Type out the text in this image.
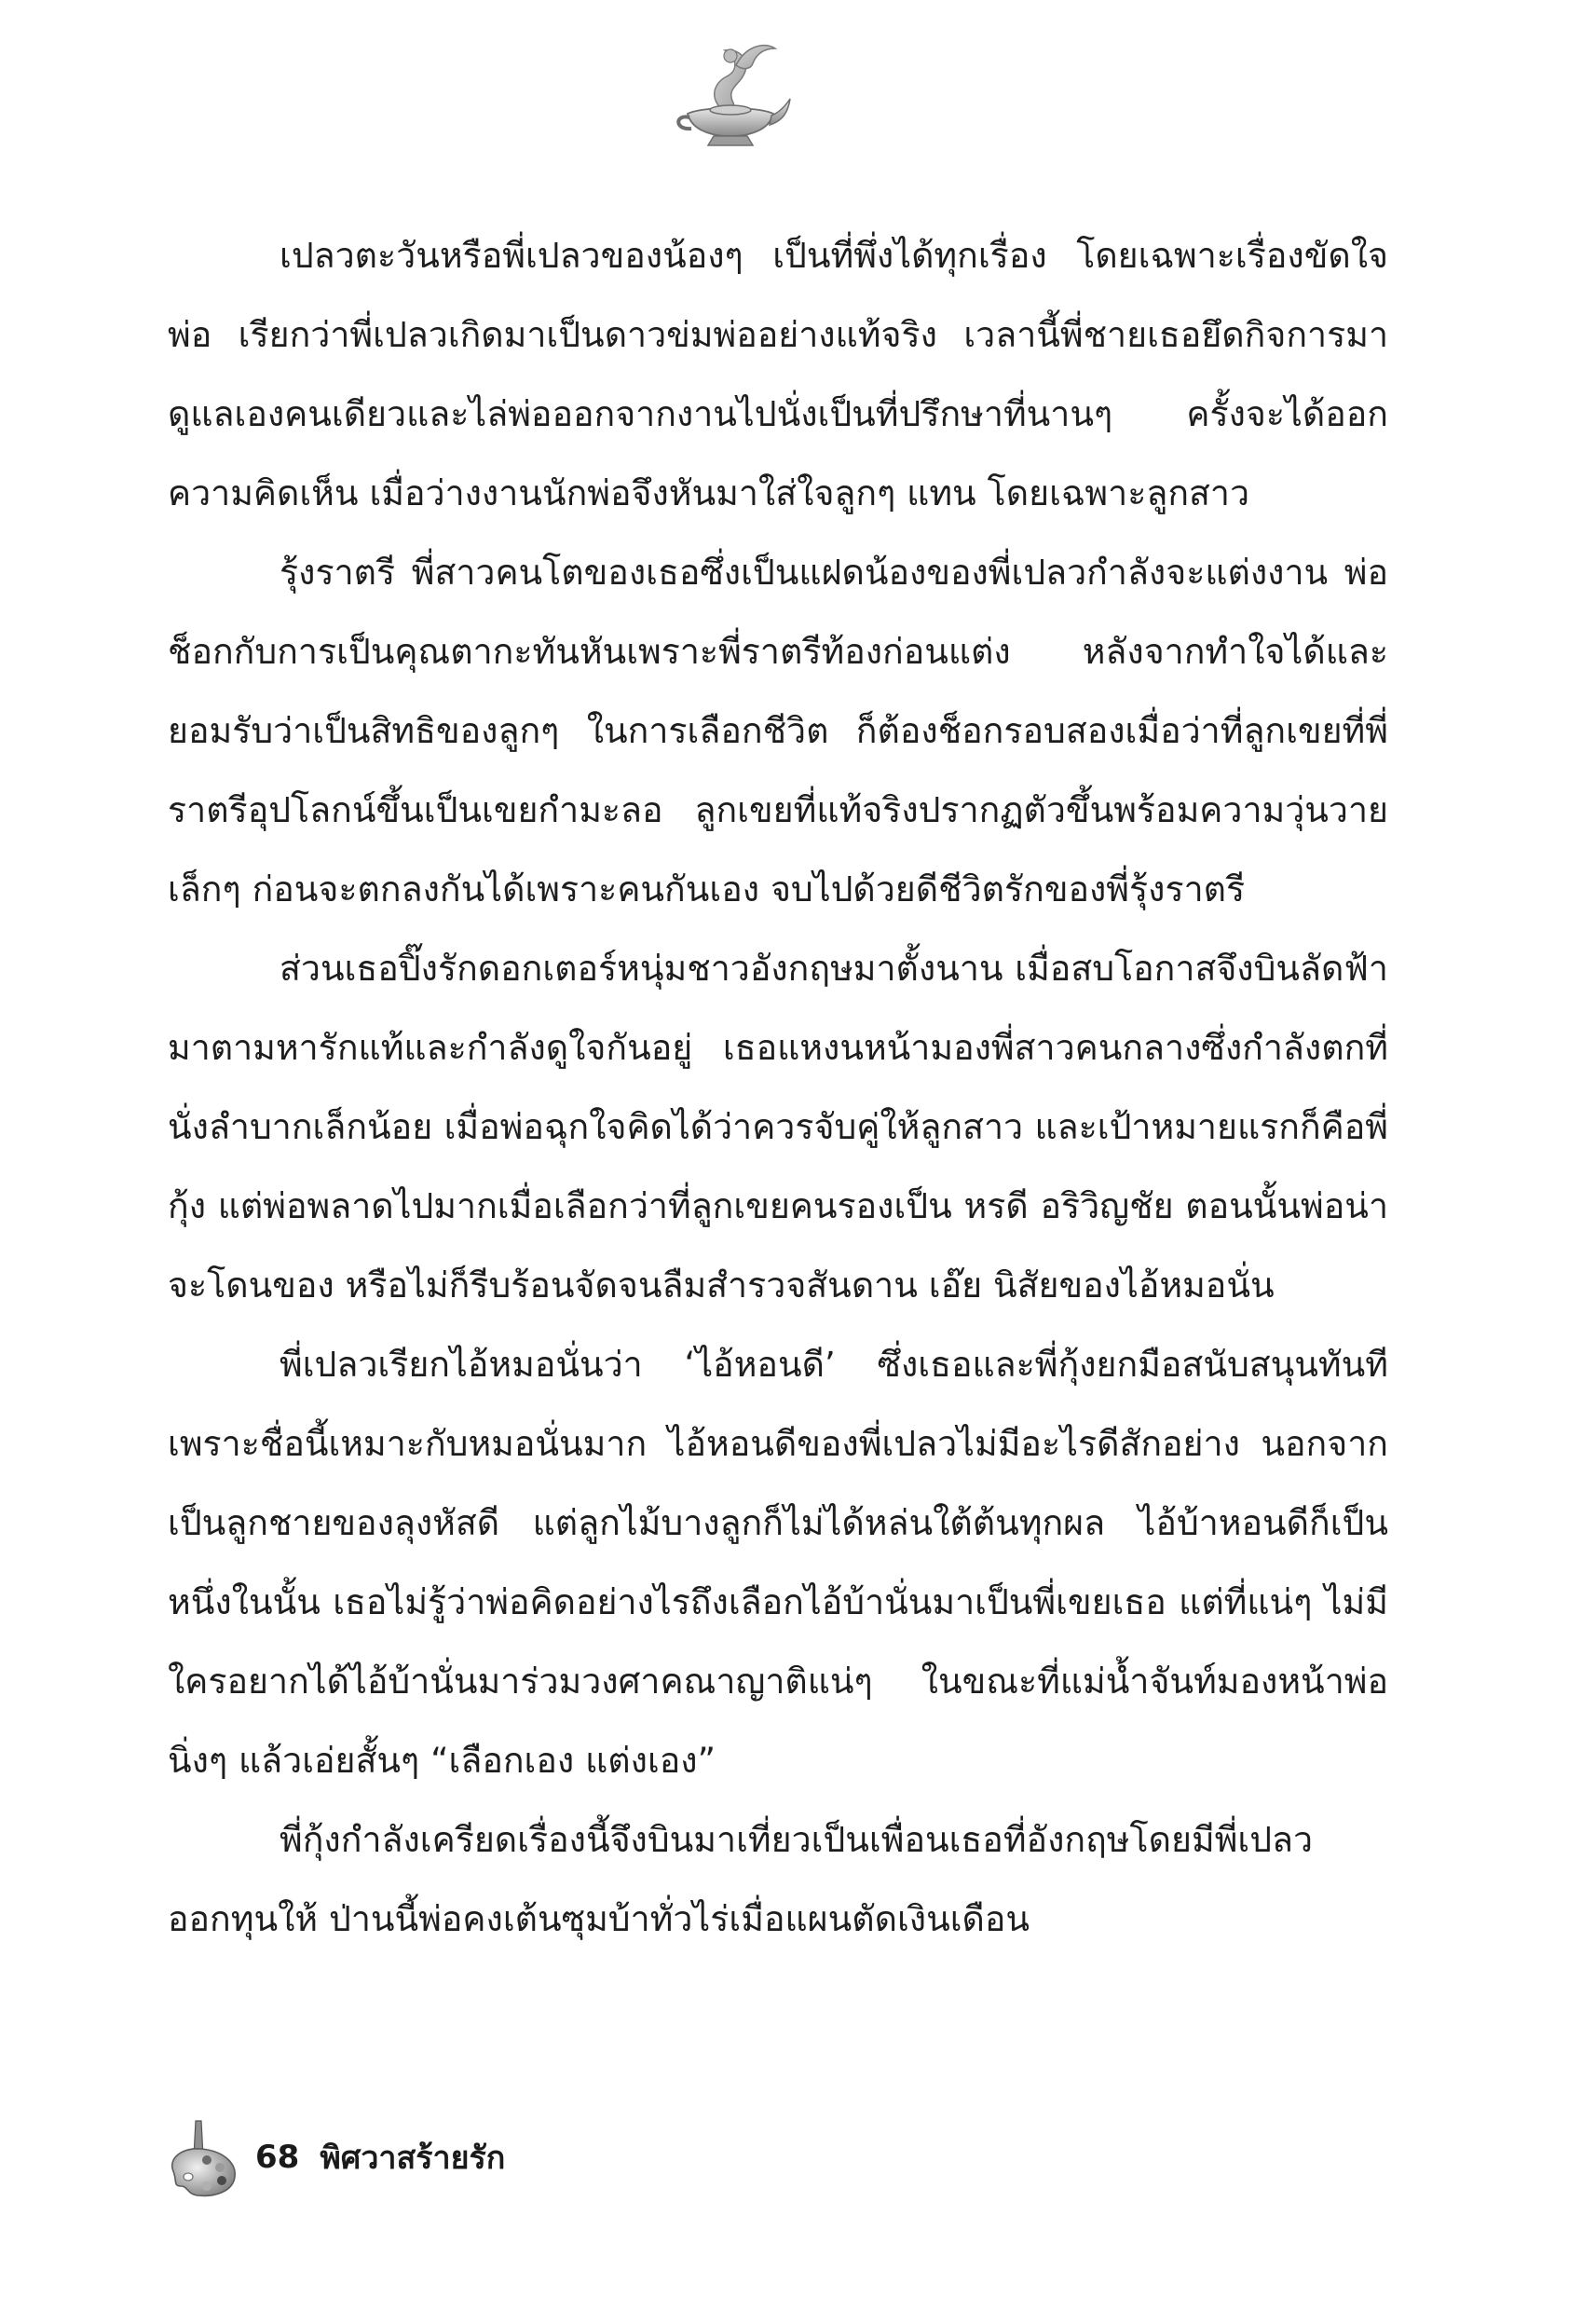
เปลวตะวันหรือพี่เปลวของน้องๆ เป็นที่พึ่งได้ทุกเรื่อง โดยเฉพาะเรื่องขัดใจพ่อ เรียกว่าพี่เปลวเกิดมาเป็นดาวข่มพ่ออย่างแท้จริง เวลานี้พี่ชายเธอยึดกิจการมาดูแลเองคนเดียวและไล่พ่อออกจากงานไปนั่งเป็นที่ปรึกษาที่นานๆ ครั้งจะได้ออกความคิดเห็น เมื่อว่างงานนักพ่อจึงหันมาใส่ใจลูกๆ แทน โดยเฉพาะลูกสาว

รุ้งราตรี พี่สาวคนโตของเธอซึ่งเป็นแฝดน้องของพี่เปลวกำลังจะแต่งงาน พ่อช็อกกับการเป็นคุณตากะทันหันเพราะพี่ราตรีท้องก่อนแต่ง หลังจากทำใจได้และยอมรับว่าเป็นสิทธิของลูกๆ ในการเลือกชีวิต ก็ต้องช็อกรอบสองเมื่อว่าที่ลูกเขยที่พี่ราตรีอุปโลกน์ขึ้นเป็นเขยกำมะลอ ลูกเขยที่แท้จริงปรากฏตัวขึ้นพร้อมความวุ่นวายเล็กๆ ก่อนจะตกลงกันได้เพราะคนกันเอง จบไปด้วยดีชีวิตรักของพี่รุ้งราตรี

ส่วนเธอปิ๊งรักดอกเตอร์หนุ่มชาวอังกฤษมาตั้งนาน เมื่อสบโอกาสจึงบินลัดฟ้ามาตามหารักแท้และกำลังดูใจกันอยู่ เธอแหงนหน้ามองพี่สาวคนกลางซึ่งกำลังตกที่นั่งลำบากเล็กน้อย เมื่อพ่อฉุกใจคิดได้ว่าควรจับคู่ให้ลูกสาว และเป้าหมายแรกก็คือพี่กุ้ง แต่พ่อพลาดไปมากเมื่อเลือกว่าที่ลูกเขยคนรองเป็น หรดี อริวิญชัย ตอนนั้นพ่อน่าจะโดนของ หรือไม่ก็รีบร้อนจัดจนลืมสำรวจสันดาน เอ๊ย นิสัยของไอ้หมอนั่น

พี่เปลวเรียกไอ้หมอนั่นว่า ‘ไอ้หอนดี’ ซึ่งเธอและพี่กุ้งยกมือสนับสนุนทันที เพราะชื่อนี้เหมาะกับหมอนั่นมาก ไอ้หอนดีของพี่เปลวไม่มีอะไรดีสักอย่าง นอกจากเป็นลูกชายของลุงหัสดี แต่ลูกไม้บางลูกก็ไม่ได้หล่นใต้ต้นทุกผล ไอ้บ้าหอนดีก็เป็นหนึ่งในนั้น เธอไม่รู้ว่าพ่อคิดอย่างไรถึงเลือกไอ้บ้านั่นมาเป็นพี่เขยเธอ แต่ที่แน่ๆ ไม่มีใครอยากได้ไอ้บ้านั่นมาร่วมวงศาคณาญาติแน่ๆ ในขณะที่แม่น้ำจันท์มองหน้าพ่อนิ่งๆ แล้วเอ่ยสั้นๆ “เลือกเอง แต่งเอง”

พี่กุ้งกำลังเครียดเรื่องนี้จึงบินมาเที่ยวเป็นเพื่อนเธอที่อังกฤษโดยมีพี่เปลวออกทุนให้ ป่านนี้พ่อคงเต้นซุมบ้าทั่วไร่เมื่อแผนตัดเงินเดือน

68 พิศวาสร้ายรัก
